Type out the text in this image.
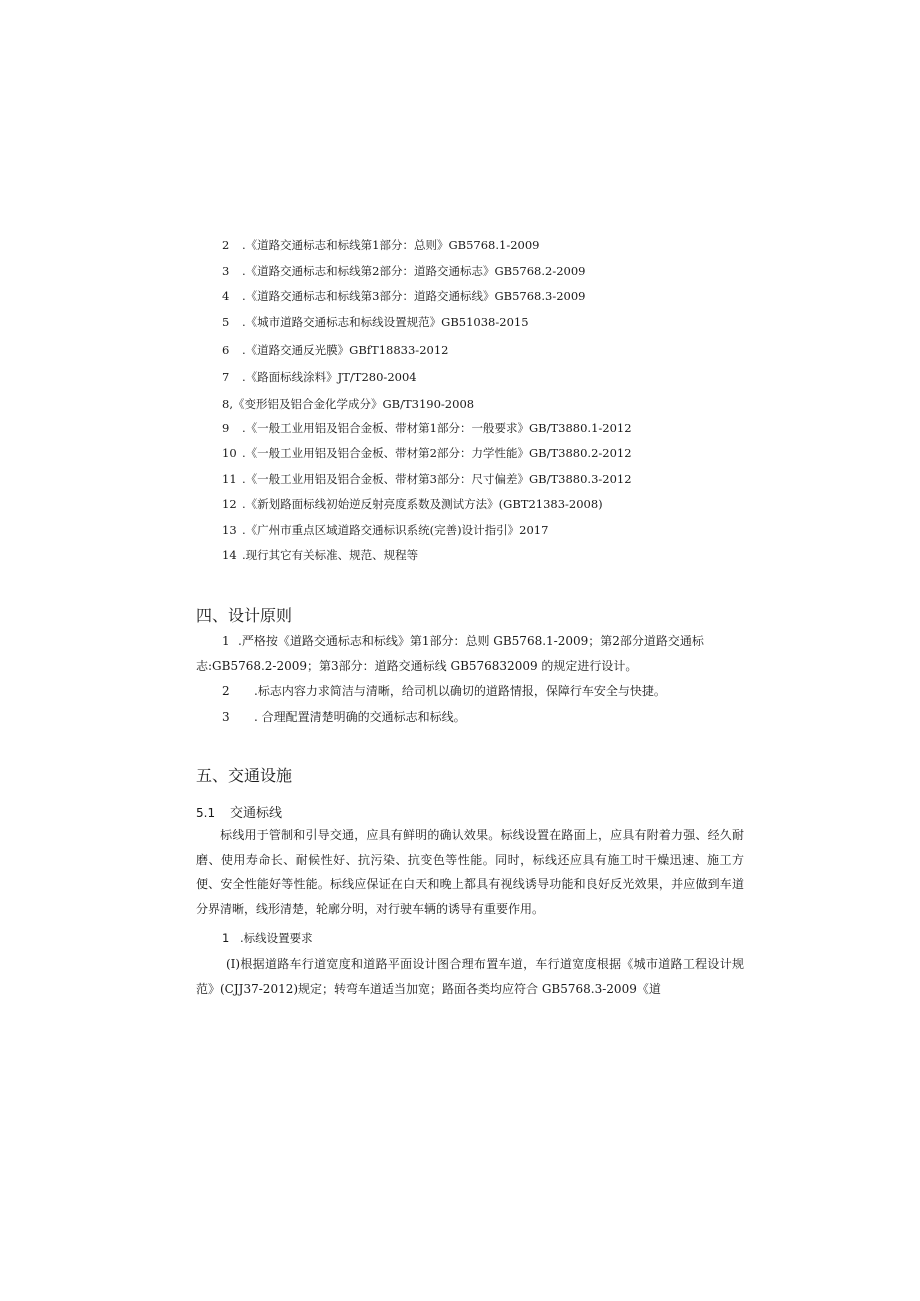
2 .《道路交通标志和标线第1部分：总则》GB5768.1-2009
3 .《道路交通标志和标线第2部分：道路交通标志》GB5768.2-2009
4 .《道路交通标志和标线第3部分：道路交通标线》GB5768.3-2009
5 .《城市道路交通标志和标线设置规范》GB51038-2015
6 .《道路交通反光膜》GBfT18833-2012
7 .《路面标线涂料》JT/T280-2004
8,《变形铝及铝合金化学成分》GB/T3190-2008
9 .《一般工业用铝及铝合金板、带材第1部分：一般要求》GB/T3880.1-2012
10 .《一般工业用铝及铝合金板、带材第2部分：力学性能》GB/T3880.2-2012
11 .《一般工业用铝及铝合金板、带材第3部分：尺寸偏差》GB/T3880.3-2012
12 .《新划路面标线初始逆反射亮度系数及测试方法》(GBT21383-2008)
13 .《广州市重点区域道路交通标识系统(完善)设计指引》2017
14 .现行其它有关标准、规范、规程等
四、设计原则
1 .严格按《道路交通标志和标线》第1部分：总则 GB5768.1-2009；第2部分道路交通标
志:GB5768.2-2009；第3部分：道路交通标线 GB576832009 的规定进行设计。
2 .标志内容力求简洁与清晰，给司机以确切的道路情报，保障行车安全与快捷。
3 . 合理配置清楚明确的交通标志和标线。
五、交通设施
5.1 交通标线
标线用于管制和引导交通，应具有鲜明的确认效果。标线设置在路面上，应具有附着力强、经久耐磨、使用寿命长、耐候性好、抗污染、抗变色等性能。同时，标线还应具有施工时干燥迅速、施工方便、安全性能好等性能。标线应保证在白天和晚上都具有视线诱导功能和良好反光效果，并应做到车道分界清晰，线形清楚，轮廓分明，对行驶车辆的诱导有重要作用。
1 .标线设置要求
(I)根据道路车行道宽度和道路平面设计图合理布置车道，车行道宽度根据《城市道路工程设计规范》(CJJ37-2012)规定；转弯车道适当加宽；路面各类均应符合 GB5768.3-2009《道
